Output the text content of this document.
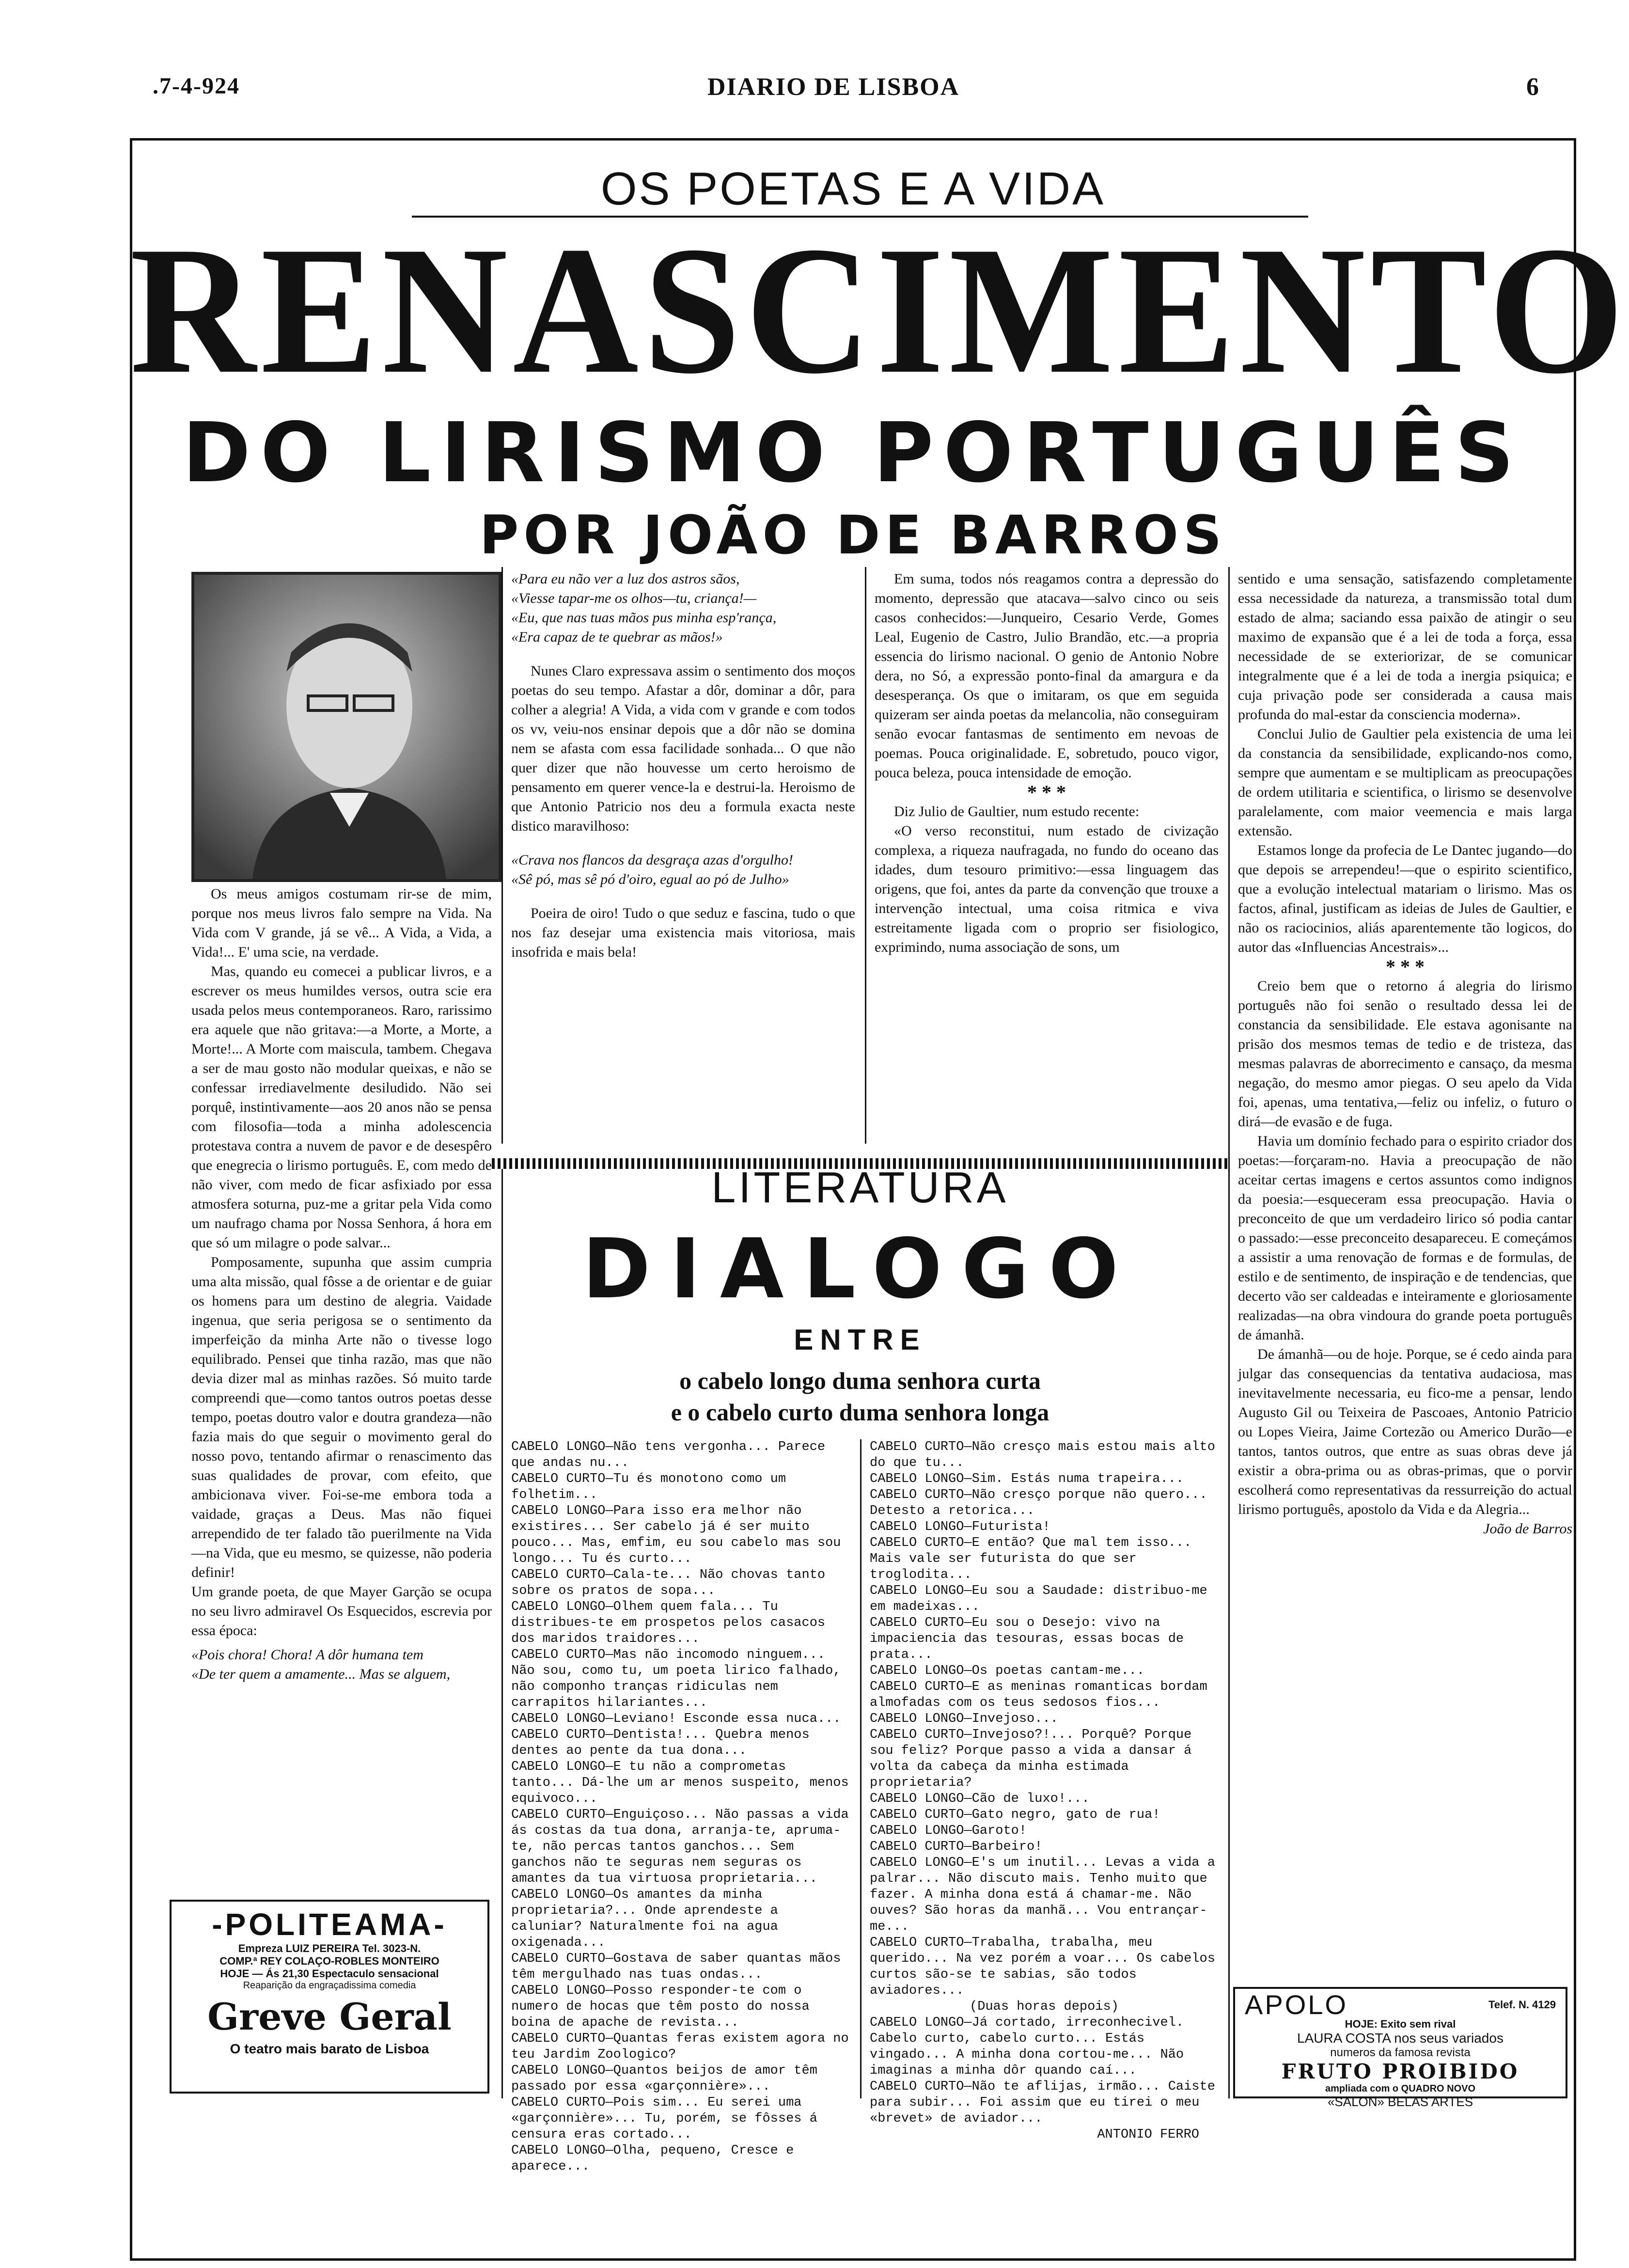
.7-4-924	DIARIO DE LISBOA	6
OS POETAS E A VIDA
RENASCIMENTO
DO LIRISMO PORTUGUÊS
POR JOÃO DE BARROS

Os meus amigos costumam rir-se de mim, porque nos meus livros falo sempre na Vida. Na Vida com V grande, já se vê... A Vida, a Vida, a Vida!... E' uma scie, na verdade.

Mas, quando eu comecei a publicar livros, e a escrever os meus humildes versos, outra scie era usada pelos meus contemporaneos. Raro, rarissimo era aquele que não gritava:—a Morte, a Morte, a Morte!... A Morte com maiscula, tambem. Chegava a ser de mau gosto não modular queixas, e não se confessar irrediavelmente desiludido. Não sei porquê, instintivamente—aos 20 anos não se pensa com filosofia—toda a minha adolescencia protestava contra a nuvem de pavor e de desespêro que enegrecia o lirismo português. E, com medo de não viver, com medo de ficar asfixiado por essa atmosfera soturna, puz-me a gritar pela Vida como um naufrago chama por Nossa Senhora, á hora em que só um milagre o pode salvar...

Pomposamente, supunha que assim cumpria uma alta missão, qual fôsse a de orientar e de guiar os homens para um destino de alegria. Vaidade ingenua, que seria perigosa se o sentimento da imperfeição da minha Arte não o tivesse logo equilibrado. Pensei que tinha razão, mas que não devia dizer mal as minhas razões. Só muito tarde compreendi que—como tantos outros poetas desse tempo, poetas doutro valor e doutra grandeza—não fazia mais do que seguir o movimento geral do nosso povo, tentando afirmar o renascimento das suas qualidades de provar, com efeito, que ambicionava viver. Foi-se-me embora toda a vaidade, graças a Deus. Mas não fiquei arrependido de ter falado tão puerilmente na Vida—na Vida, que eu mesmo, se quizesse, não poderia definir!

Um grande poeta, de que Mayer Garção se ocupa no seu livro admiravel Os Esquecidos, escrevia por essa época:

«Pois chora! Chora! A dôr humana tem

«De ter quem a amamente... Mas se alguem,

«Para eu não ver a luz dos astros sãos,

«Viesse tapar-me os olhos—tu, criança!—

«Eu, que nas tuas mãos pus minha esp'rança,

«Era capaz de te quebrar as mãos!»

Nunes Claro expressava assim o sentimento dos moços poetas do seu tempo. Afastar a dôr, dominar a dôr, para colher a alegria! A Vida, a vida com v grande e com todos os vv, veiu-nos ensinar depois que a dôr não se domina nem se afasta com essa facilidade sonhada... O que não quer dizer que não houvesse um certo heroismo de pensamento em querer vence-la e destrui-la. Heroismo de que Antonio Patricio nos deu a formula exacta neste distico maravilhoso:

«Crava nos flancos da desgraça azas d'orgulho!

«Sê pó, mas sê pó d'oiro, egual ao pó de Julho»

Poeira de oiro! Tudo o que seduz e fascina, tudo o que nos faz desejar uma existencia mais vitoriosa, mais insofrida e mais bela!

Em suma, todos nós reagamos contra a depressão do momento, depressão que atacava—salvo cinco ou seis casos conhecidos:—Junqueiro, Cesario Verde, Gomes Leal, Eugenio de Castro, Julio Brandão, etc.—a propria essencia do lirismo nacional. O genio de Antonio Nobre dera, no Só, a expressão ponto-final da amargura e da desesperança. Os que o imitaram, os que em seguida quizeram ser ainda poetas da melancolia, não conseguiram senão evocar fantasmas de sentimento em nevoas de poemas. Pouca originalidade. E, sobretudo, pouco vigor, pouca beleza, pouca intensidade de emoção.

* * *

Diz Julio de Gaultier, num estudo recente:

«O verso reconstitui, num estado de civização complexa, a riqueza naufragada, no fundo do oceano das idades, dum tesouro primitivo:—essa linguagem das origens, que foi, antes da parte da convenção que trouxe a intervenção intectual, uma coisa ritmica e viva estreitamente ligada com o proprio ser fisiologico, exprimindo, numa associação de sons, um

sentido e uma sensação, satisfazendo completamente essa necessidade da natureza, a transmissão total dum estado de alma; saciando essa paixão de atingir o seu maximo de expansão que é a lei de toda a força, essa necessidade de se exteriorizar, de se comunicar integralmente que é a lei de toda a inergia psiquica; e cuja privação pode ser considerada a causa mais profunda do mal-estar da consciencia moderna».

Conclui Julio de Gaultier pela existencia de uma lei da constancia da sensibilidade, explicando-nos como, sempre que aumentam e se multiplicam as preocupações de ordem utilitaria e scientifica, o lirismo se desenvolve paralelamente, com maior veemencia e mais larga extensão.

Estamos longe da profecia de Le Dantec jugando—do que depois se arrependeu!—que o espirito scientifico, que a evolução intelectual matariam o lirismo. Mas os factos, afinal, justificam as ideias de Jules de Gaultier, e não os raciocinios, aliás aparentemente tão logicos, do autor das «Influencias Ancestrais»...

* * *

Creio bem que o retorno á alegria do lirismo português não foi senão o resultado dessa lei de constancia da sensibilidade. Ele estava agonisante na prisão dos mesmos temas de tedio e de tristeza, das mesmas palavras de aborrecimento e cansaço, da mesma negação, do mesmo amor piegas. O seu apelo da Vida foi, apenas, uma tentativa,—feliz ou infeliz, o futuro o dirá—de evasão e de fuga.

Havia um domínio fechado para o espirito criador dos poetas:—forçaram-no. Havia a preocupação de não aceitar certas imagens e certos assuntos como indignos da poesia:—esqueceram essa preocupação. Havia o preconceito de que um verdadeiro lirico só podia cantar o passado:—esse preconceito desapareceu. E começámos a assistir a uma renovação de formas e de formulas, de estilo e de sentimento, de inspiração e de tendencias, que decerto vão ser caldeadas e inteiramente e gloriosamente realizadas—na obra vindoura do grande poeta português de ámanhã.

De ámanhã—ou de hoje. Porque, se é cedo ainda para julgar das consequencias da tentativa audaciosa, mas inevitavelmente necessaria, eu fico-me a pensar, lendo Augusto Gil ou Teixeira de Pascoaes, Antonio Patricio ou Lopes Vieira, Jaime Cortezão ou Americo Durão—e tantos, tantos outros, que entre as suas obras deve já existir a obra-prima ou as obras-primas, que o porvir escolherá como representativas da ressurreição do actual lirismo português, apostolo da Vida e da Alegria...

João de Barros

LITERATURA
DIALOGO
ENTRE
o cabelo longo duma senhora curta
e o cabelo curto duma senhora longa

CABELO LONGO—Não tens vergonha... Parece que andas nu...

CABELO CURTO—Tu és monotono como um folhetim...

CABELO LONGO—Para isso era melhor não existires... Ser cabelo já é ser muito pouco... Mas, emfim, eu sou cabelo mas sou longo... Tu és curto...

CABELO CURTO—Cala-te... Não chovas tanto sobre os pratos de sopa...

CABELO LONGO—Olhem quem fala... Tu distribues-te em prospetos pelos casacos dos maridos traidores...

CABELO CURTO—Mas não incomodo ninguem... Não sou, como tu, um poeta lirico falhado, não componho tranças ridiculas nem carrapitos hilariantes...

CABELO LONGO—Leviano! Esconde essa nuca...

CABELO CURTO—Dentista!... Quebra menos dentes ao pente da tua dona...

CABELO LONGO—E tu não a comprometas tanto... Dá-lhe um ar menos suspeito, menos equivoco...

CABELO CURTO—Enguiçoso... Não passas a vida ás costas da tua dona, arranja-te, apruma-te, não percas tantos ganchos... Sem ganchos não te seguras nem seguras os amantes da tua virtuosa proprietaria...

CABELO LONGO—Os amantes da minha proprietaria?... Onde aprendeste a caluniar? Naturalmente foi na agua oxigenada...

CABELO CURTO—Gostava de saber quantas mãos têm mergulhado nas tuas ondas...

CABELO LONGO—Posso responder-te com o numero de hocas que têm posto do nossa boina de apache de revista...

CABELO CURTO—Quantas feras existem agora no teu Jardim Zoologico?

CABELO LONGO—Quantos beijos de amor têm passado por essa «garçonnière»...

CABELO CURTO—Pois sim... Eu serei uma «garçonnière»... Tu, porém, se fôsses á censura eras cortado...

CABELO LONGO—Olha, pequeno, Cresce e aparece...

CABELO CURTO—Não cresço mais estou mais alto do que tu...

CABELO LONGO—Sim. Estás numa trapeira...

CABELO CURTO—Não cresço porque não quero... Detesto a retorica...

CABELO LONGO—Futurista!

CABELO CURTO—E então? Que mal tem isso... Mais vale ser futurista do que ser troglodita...

CABELO LONGO—Eu sou a Saudade: distribuo-me em madeixas...

CABELO CURTO—Eu sou o Desejo: vivo na impaciencia das tesouras, essas bocas de prata...

CABELO LONGO—Os poetas cantam-me...

CABELO CURTO—E as meninas romanticas bordam almofadas com os teus sedosos fios...

CABELO LONGO—Invejoso...

CABELO CURTO—Invejoso?!... Porquê? Porque sou feliz? Porque passo a vida a dansar á volta da cabeça da minha estimada proprietaria?

CABELO LONGO—Cão de luxo!...

CABELO CURTO—Gato negro, gato de rua!

CABELO LONGO—Garoto!

CABELO CURTO—Barbeiro!

CABELO LONGO—E's um inutil... Levas a vida a palrar... Não discuto mais. Tenho muito que fazer. A minha dona está á chamar-me. Não ouves? São horas da manhã... Vou entrançar-me...

CABELO CURTO—Trabalha, trabalha, meu querido... Na vez porém a voar... Os cabelos curtos são-se te sabias, são todos aviadores...

(Duas horas depois)

CABELO LONGO—Já cortado, irreconhecivel. Cabelo curto, cabelo curto... Estás vingado... A minha dona cortou-me... Não imaginas a minha dôr quando caí...

CABELO CURTO—Não te aflijas, irmão... Caiste para subir... Foi assim que eu tirei o meu «brevet» de aviador...

ANTONIO FERRO

-POLITEAMA-
Empreza LUIZ PEREIRA Tel. 3023-N.
COMP.ª REY COLAÇO-ROBLES MONTEIRO
HOJE — Ás 21,30 Espectaculo sensacional
Reaparição da engraçadissima comedia
Greve Geral
O teatro mais barato de Lisboa
APOLO	Telef. N. 4129
HOJE: Exito sem rival
LAURA COSTA nos seus variados
numeros da famosa revista
FRUTO PROIBIDO
ampliada com o QUADRO NOVO
«SALON» BELAS ARTES
